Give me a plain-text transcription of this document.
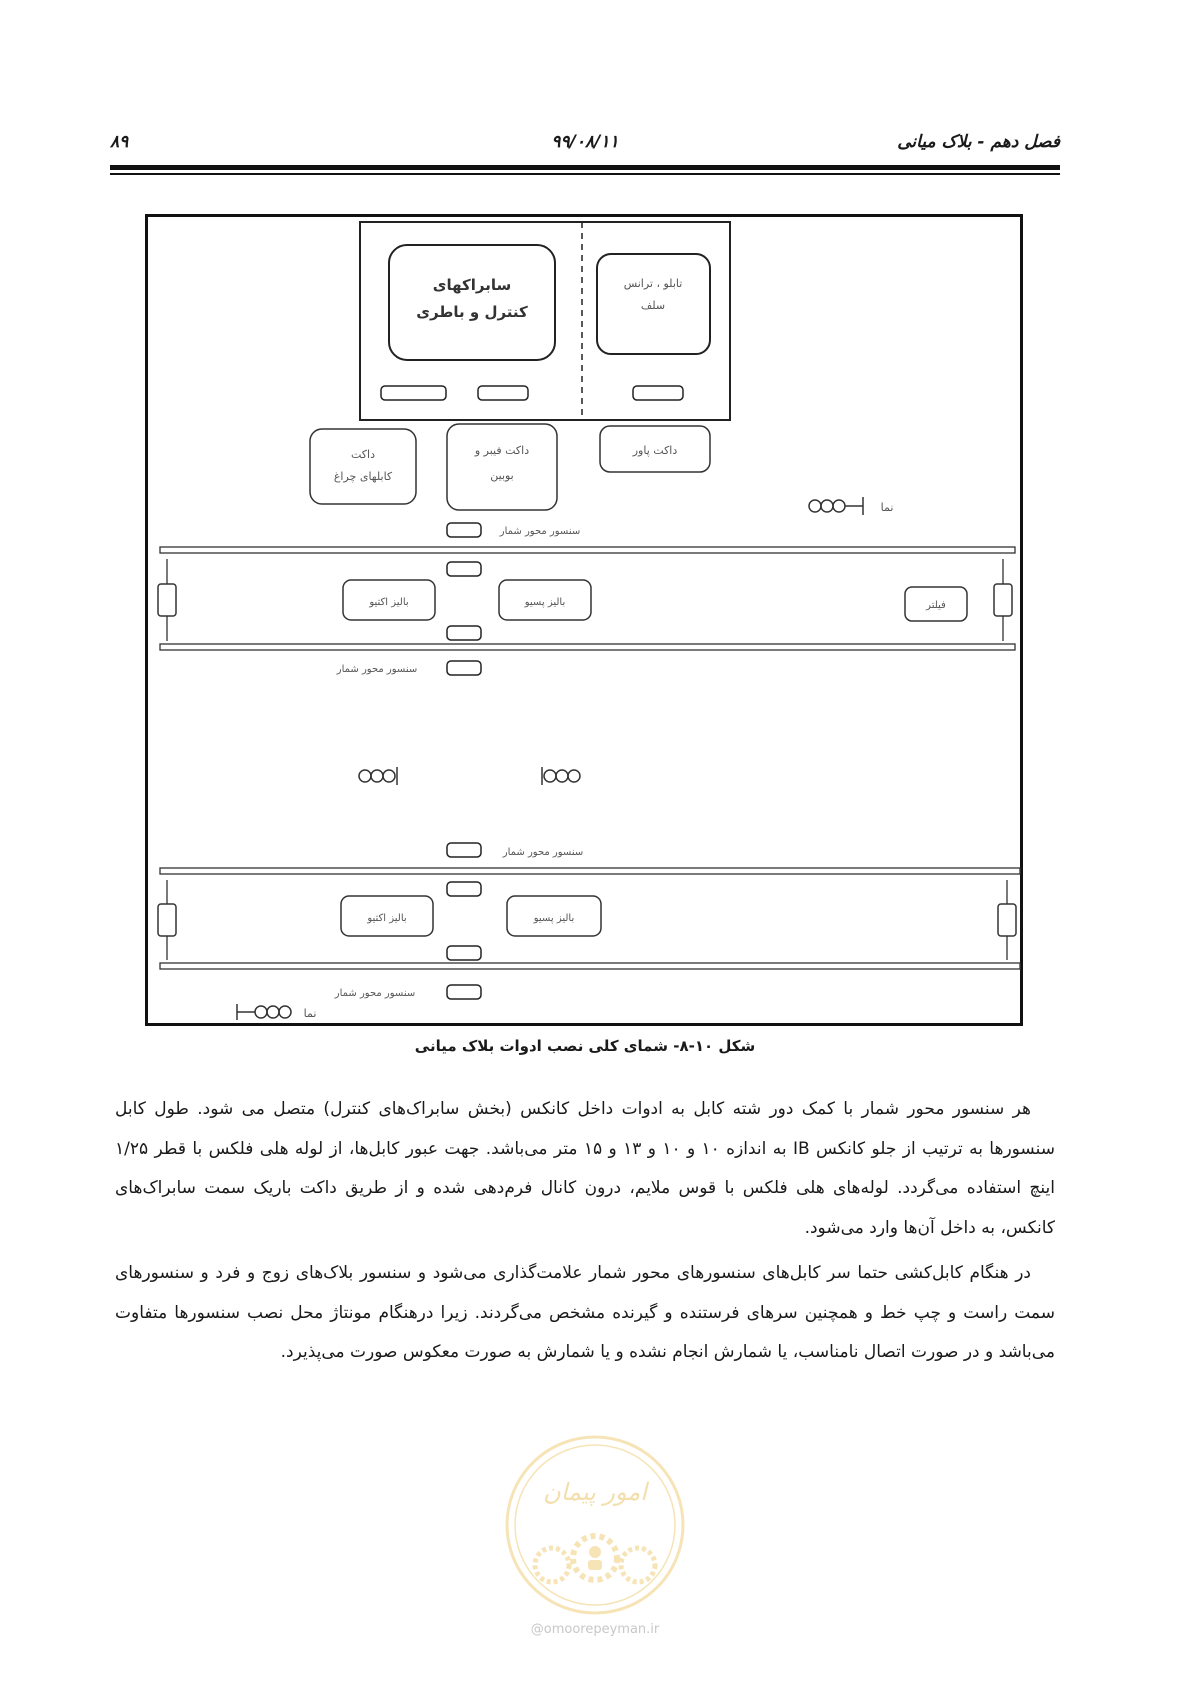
فصل دهم - بلاک میانی
۹۹/۰۸/۱۱
۸۹
سابراکهای
کنترل و باطری
تابلو ، ترانس
سلف
داکت
کابلهای چراغ
داکت فیبر و
بوبین
داکت پاور
نما
سنسور محور شمار
بالیز اکتیو	بالیز پسیو	فیلتر
سنسور محور شمار
سنسور محور شمار
بالیز اکتیو	بالیز پسیو
سنسور محور شمار
نما
شکل ۱۰-۸- شمای کلی نصب ادوات بلاک میانی

هر سنسور محور شمار با کمک دور شته کابل به ادوات داخل کانکس (بخش سابراک‌های کنترل) متصل می شود. طول کابل سنسورها به ترتیب از جلو کانکس IB به اندازه ۱۰ و ۱۰ و ۱۳ و ۱۵ متر می‌باشد. جهت عبور کابل‌ها، از لوله هلی فلکس با قطر ۱/۲۵ اینچ استفاده می‌گردد. لوله‌های هلی فلکس با قوس ملایم، درون کانال فرم‌دهی شده و از طریق داکت باریک سمت سابراک‌های کانکس، به داخل آن‌ها وارد می‌شود.

در هنگام کابل‌کشی حتما سر کابل‌های سنسورهای محور شمار علامت‌گذاری می‌شود و سنسور بلاک‌های زوج و فرد و سنسورهای سمت راست و چپ خط و همچنین سرهای فرستنده و گیرنده مشخص می‌گردند. زیرا درهنگام مونتاژ محل نصب سنسورها متفاوت می‌باشد و در صورت اتصال نامناسب، یا شمارش انجام نشده و یا شمارش به صورت معکوس صورت می‌پذیرد.

امور پیمان
@omoorepeyman.ir
